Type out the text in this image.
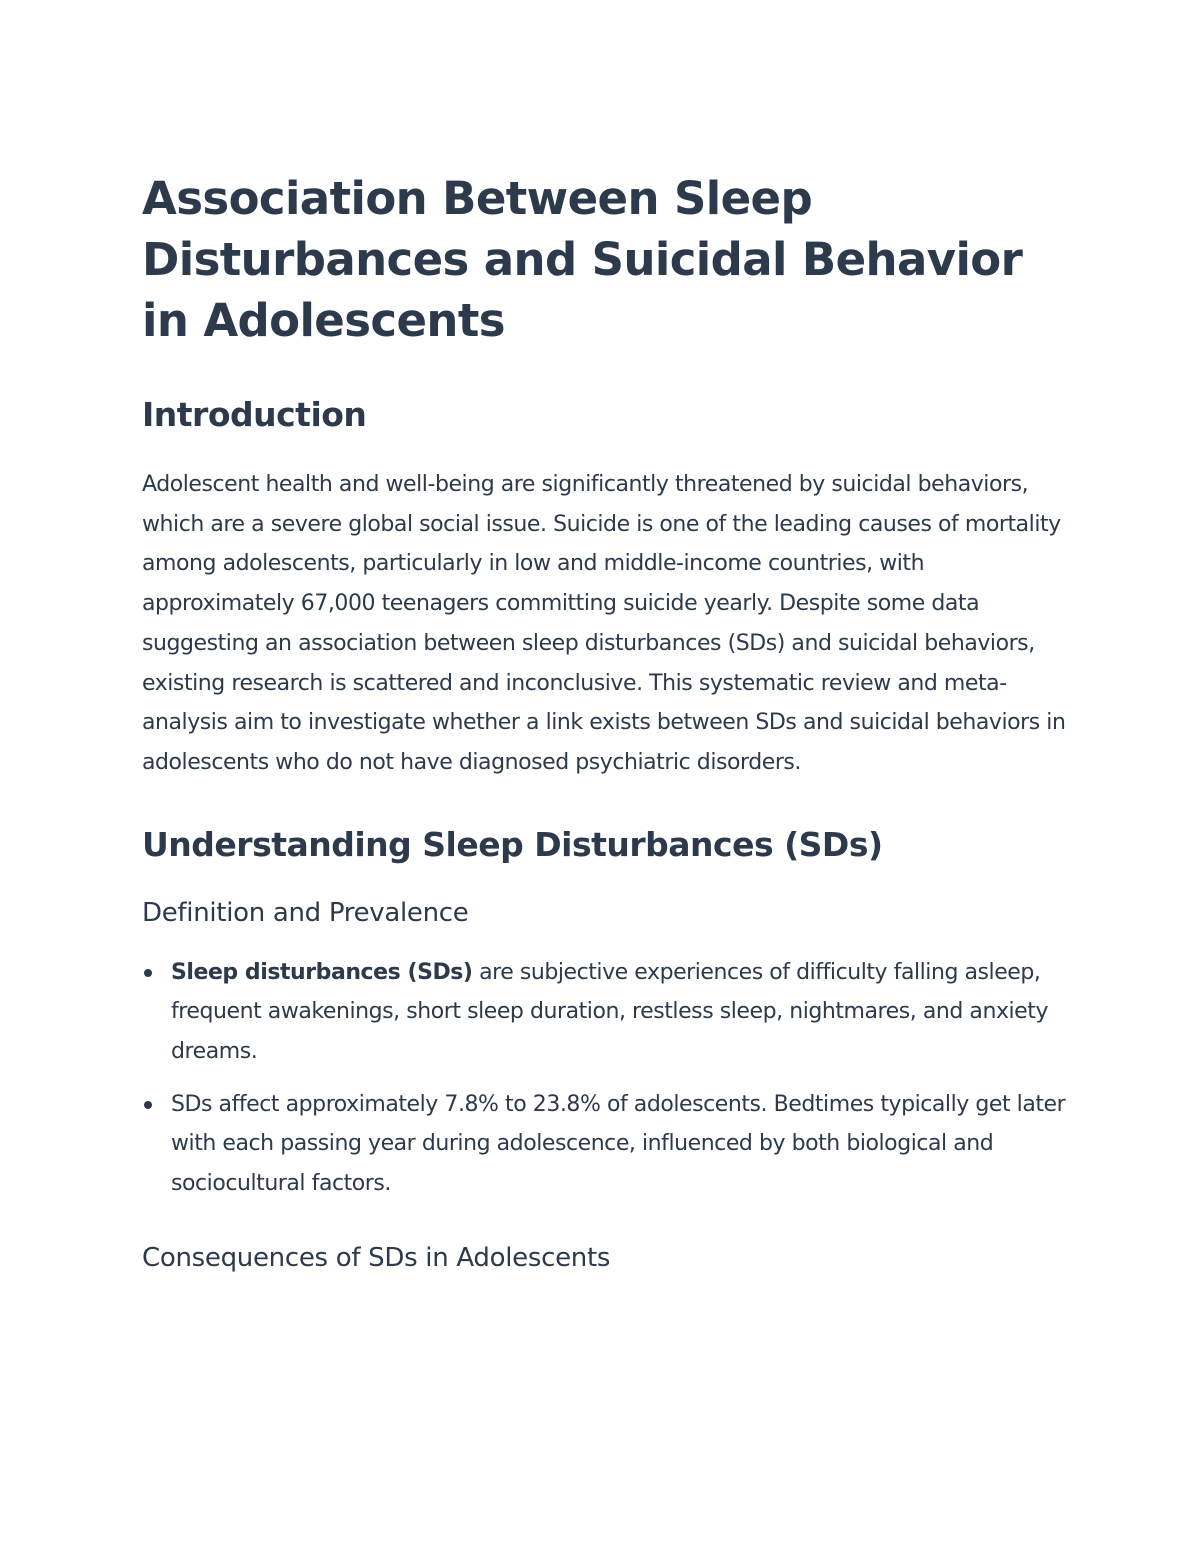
Association Between Sleep Disturbances and Suicidal Behavior in Adolescents
Introduction

Adolescent health and well-being are significantly threatened by suicidal behaviors, which are a severe global social issue. Suicide is one of the leading causes of mortality among adolescents, particularly in low and middle-income countries, with approximately 67,000 teenagers committing suicide yearly. Despite some data suggesting an association between sleep disturbances (SDs) and suicidal behaviors, existing research is scattered and inconclusive. This systematic review and meta-analysis aim to investigate whether a link exists between SDs and suicidal behaviors in adolescents who do not have diagnosed psychiatric disorders.

Understanding Sleep Disturbances (SDs)
Definition and Prevalence
Sleep disturbances (SDs) are subjective experiences of difficulty falling asleep, frequent awakenings, short sleep duration, restless sleep, nightmares, and anxiety dreams.
SDs affect approximately 7.8% to 23.8% of adolescents. Bedtimes typically get later with each passing year during adolescence, influenced by both biological and sociocultural factors.
Consequences of SDs in Adolescents
